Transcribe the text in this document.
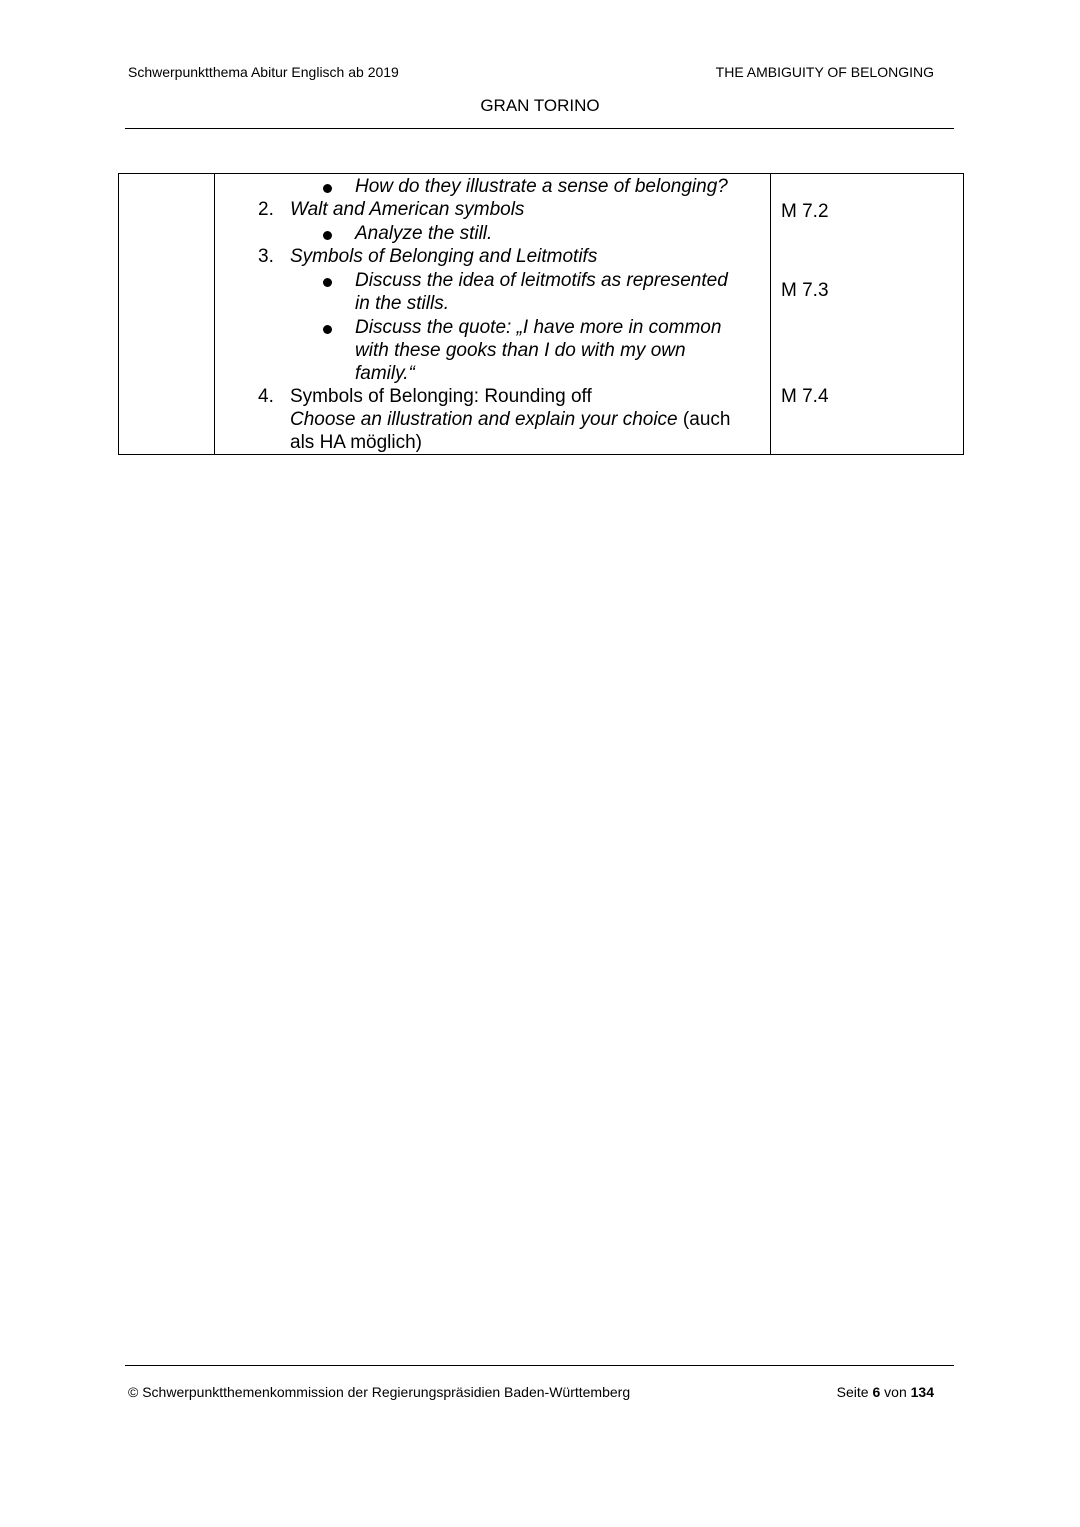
Schwerpunktthema Abitur Englisch ab 2019	THE AMBIGUITY OF BELONGING
GRAN TORINO
How do they illustrate a sense of belonging?
2. Walt and American symbols
Analyze the still.
3. Symbols of Belonging and Leitmotifs
Discuss the idea of leitmotifs as represented
in the stills.
Discuss the quote: „I have more in common
with these gooks than I do with my own
family.“
4. Symbols of Belonging: Rounding off
Choose an illustration and explain your choice (auch
als HA möglich)
M 7.2
M 7.3
M 7.4
© Schwerpunktthemenkommission der Regierungspräsidien Baden-Württemberg	Seite 6 von 134
